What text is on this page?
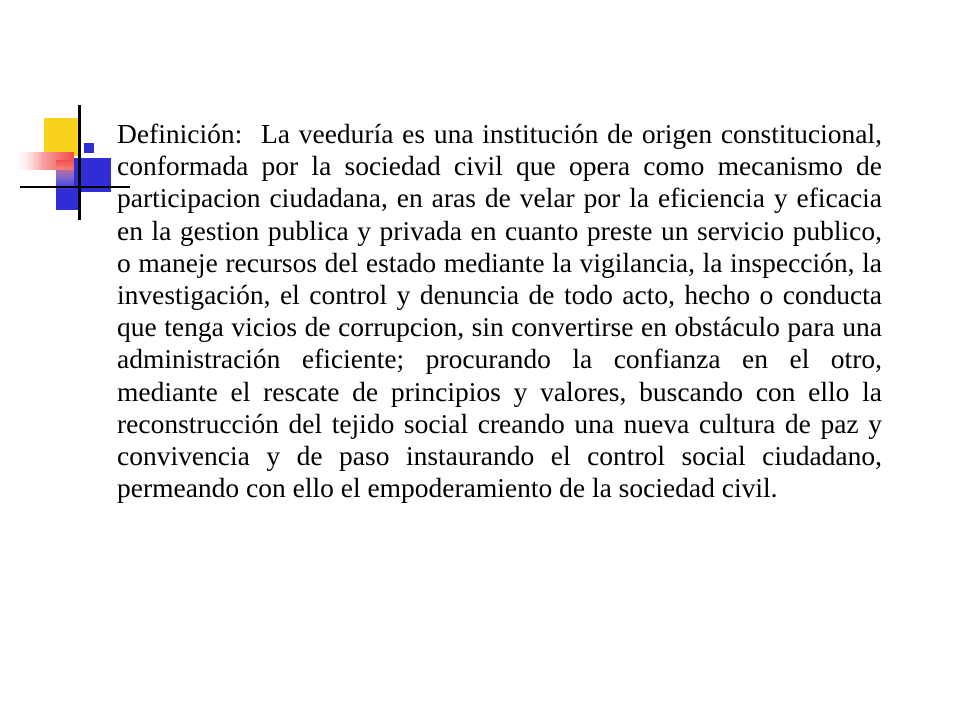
Definición: La veeduría es una institución de origen constitucional, conformada por la sociedad civil que opera como mecanismo de participacion ciudadana, en aras de velar por la eficiencia y eficacia en la gestion publica y privada en cuanto preste un servicio publico, o maneje recursos del estado mediante la vigilancia, la inspección, la investigación, el control y denuncia de todo acto, hecho o conducta que tenga vicios de corrupcion, sin convertirse en obstáculo para una administración eficiente; procurando la confianza en el otro, mediante el rescate de principios y valores, buscando con ello la reconstrucción del tejido social creando una nueva cultura de paz y convivencia y de paso instaurando el control social ciudadano, permeando con ello el empoderamiento de la sociedad civil.
